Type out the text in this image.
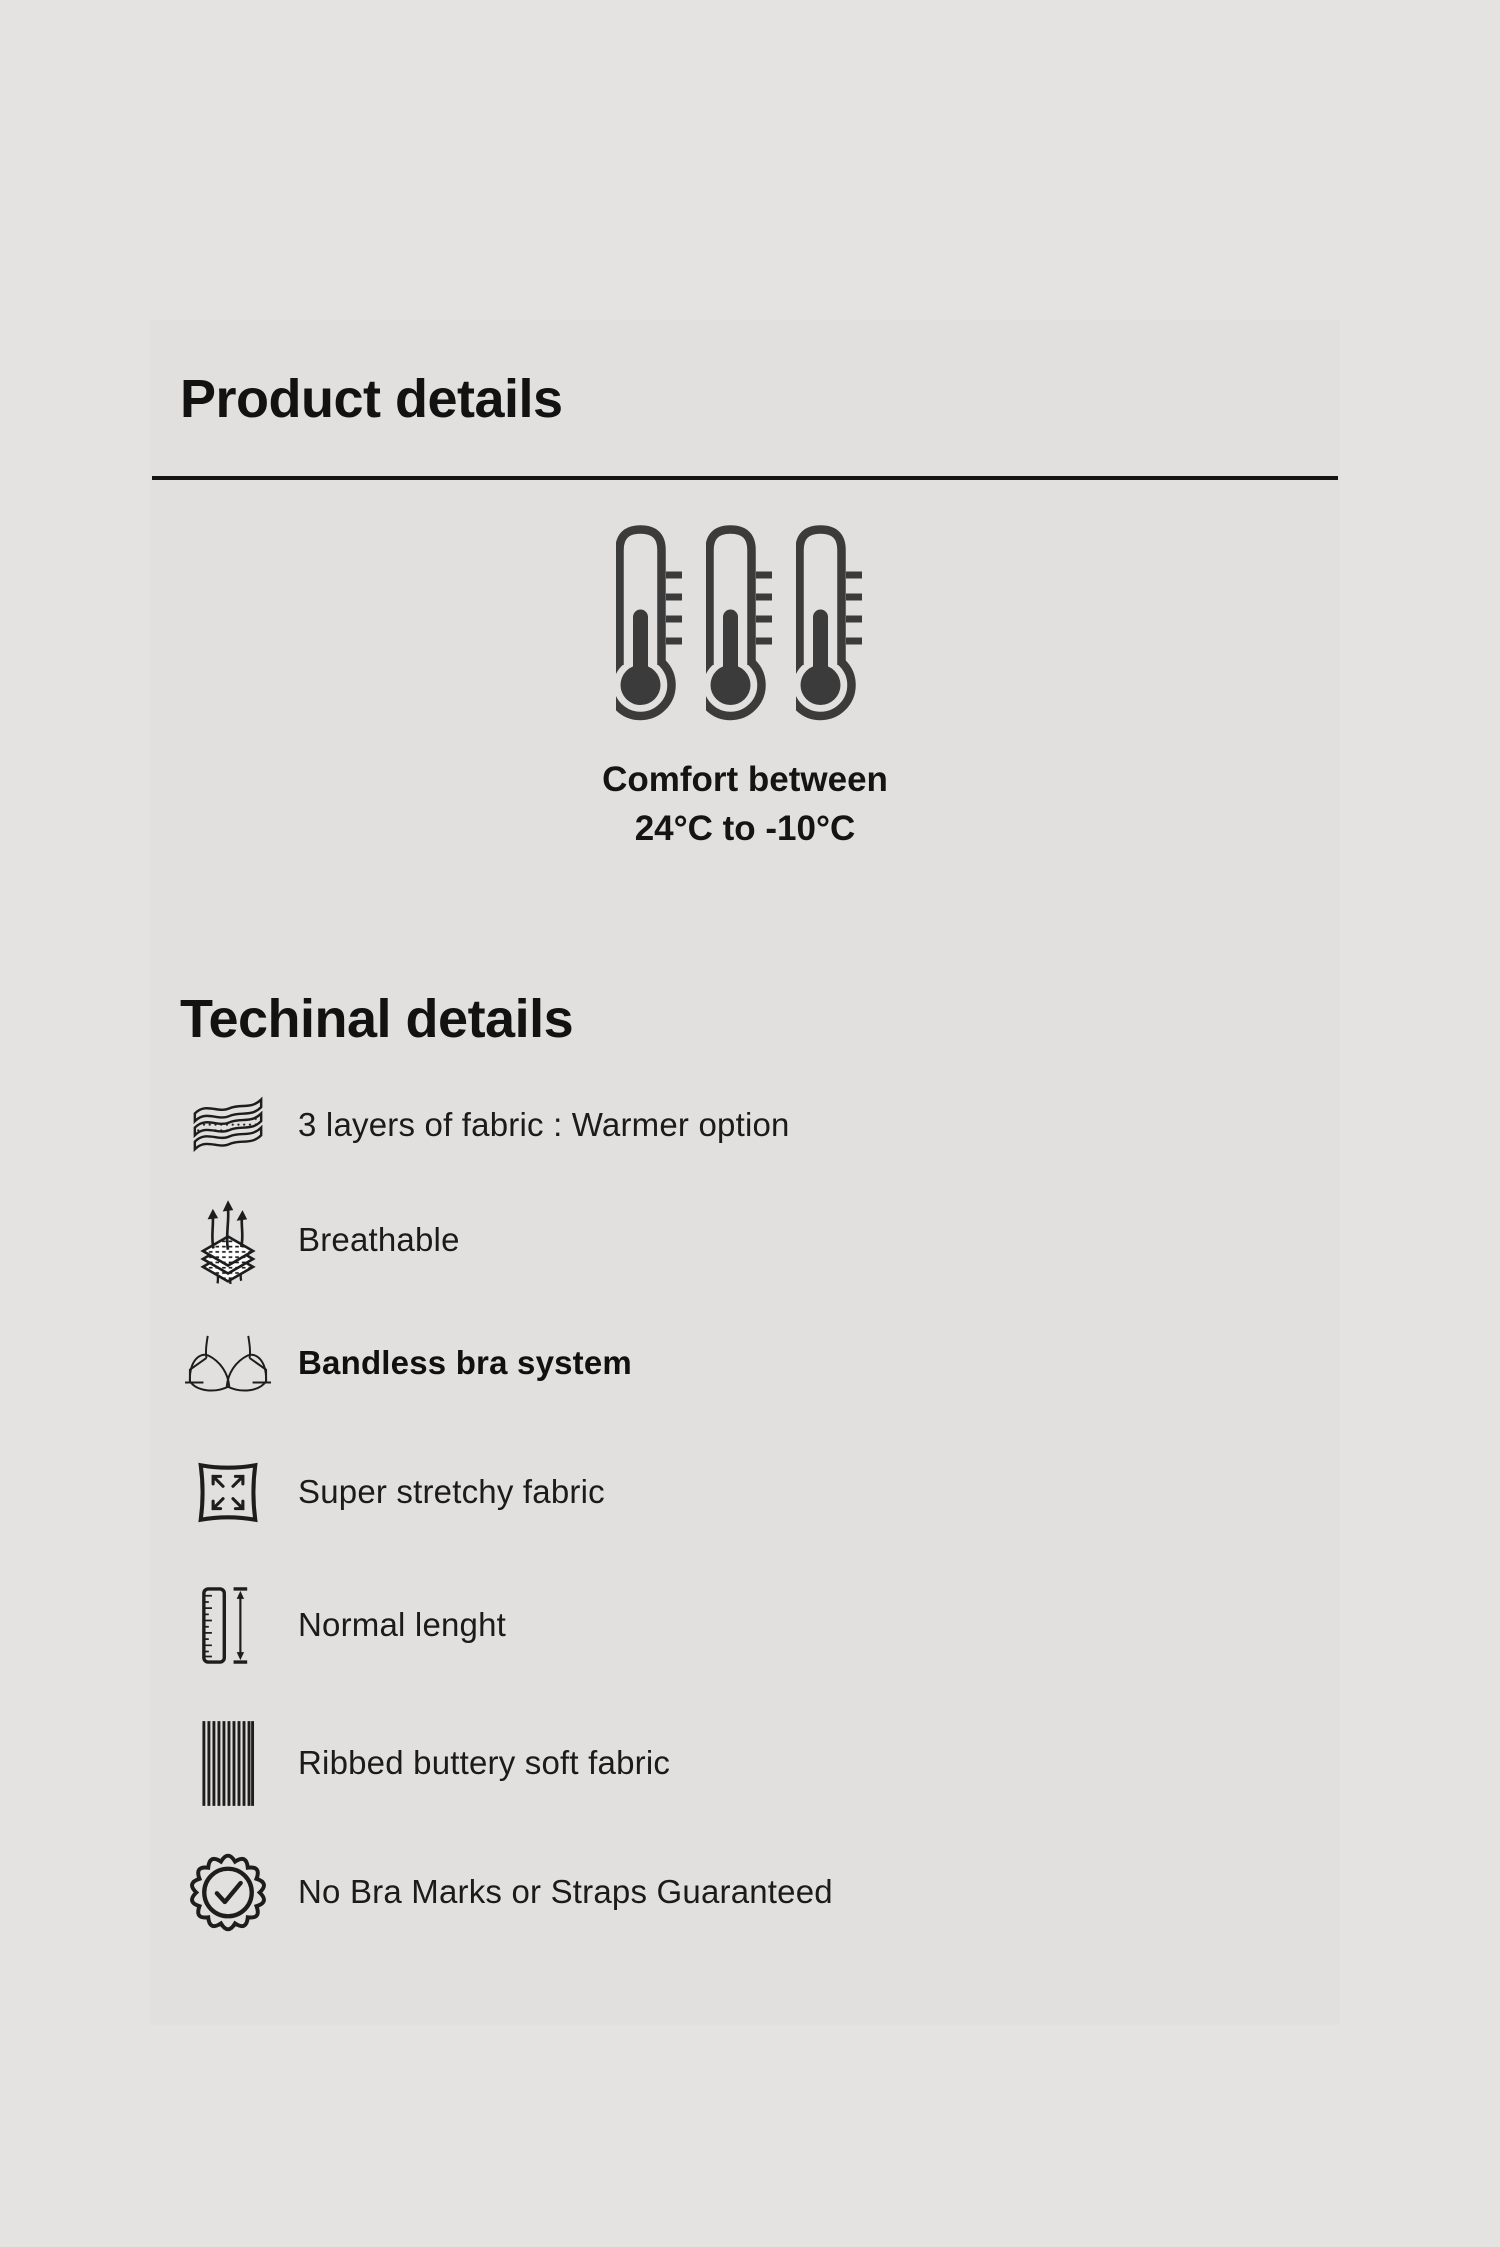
Product details
Comfort between
24°C to -10°C
Techinal details
3 layers of fabric : Warmer option
Breathable
Bandless bra system
Super stretchy fabric
Normal lenght
Ribbed buttery soft fabric
No Bra Marks or Straps Guaranteed
